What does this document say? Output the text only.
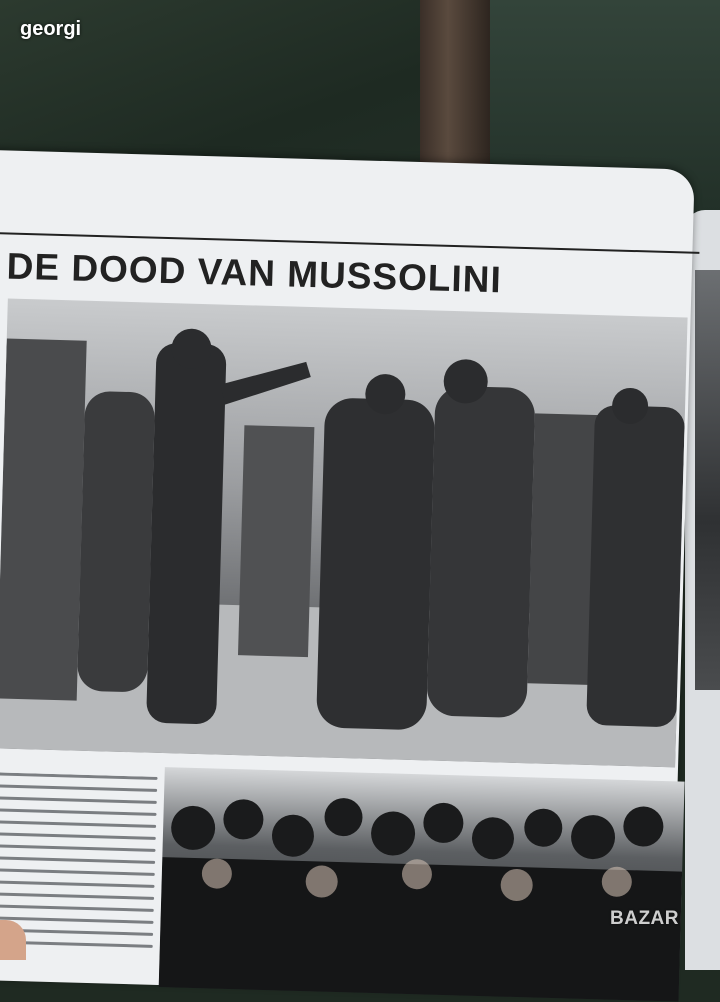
georgi
DE DOOD VAN MUSSOLINI
BAZAR
